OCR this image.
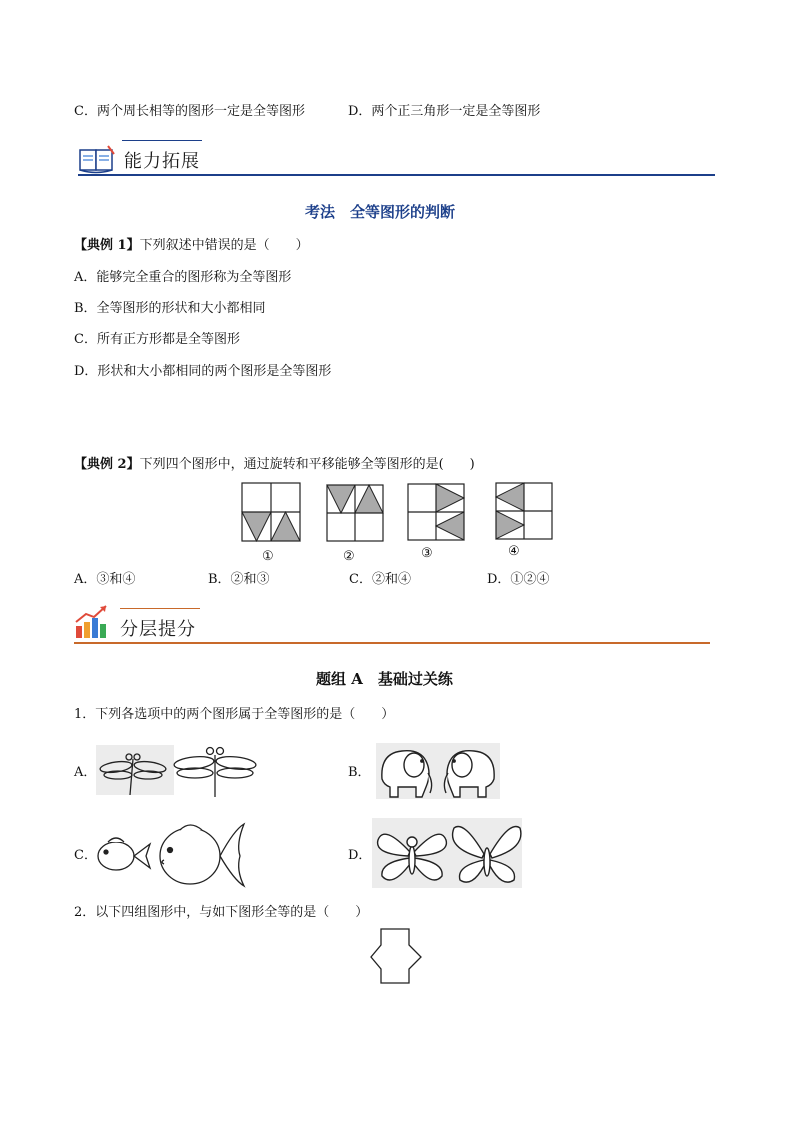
C．两个周长相等的图形一定是全等图形	D．两个正三角形一定是全等图形
能力拓展
考法　全等图形的判断
【典例 1】下列叙述中错误的是（　　）
A．能够完全重合的图形称为全等图形
B．全等图形的形状和大小都相同
C．所有正方形都是全等图形
D．形状和大小都相同的两个图形是全等图形
【典例 2】下列四个图形中，通过旋转和平移能够全等图形的是(　　)
①	②	③	④
A．③和④	B．②和③	C．②和④	D．①②④
分层提分
题组 A　基础过关练
1．下列各选项中的两个图形属于全等图形的是（　　）
A．	B．
C．	D．
2．以下四组图形中，与如下图形全等的是（　　）
